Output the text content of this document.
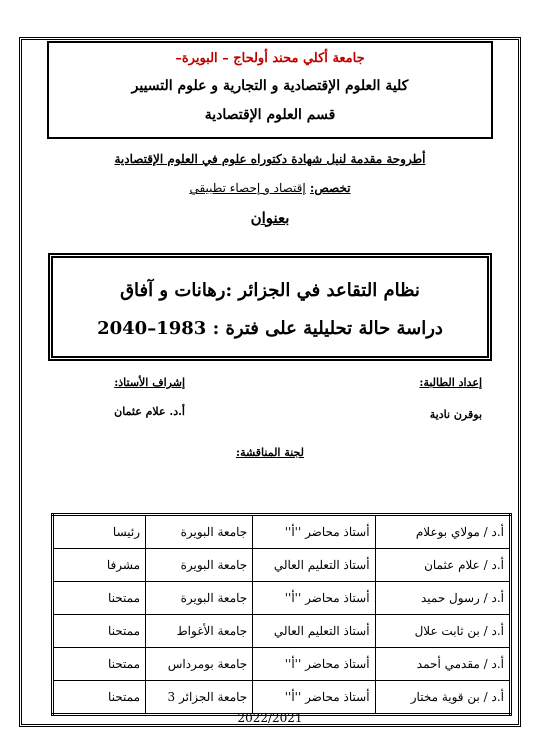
جامعة أكلي محند أولحاج – البويرة–
كلية العلوم الإقتصادية و التجارية و علوم التسيير
قسم العلوم الإقتصادية
أطروحة مقدمة لنيل شهادة دكتوراه علوم في العلوم الإقتصادية
تخصص: إقتصاد و إحصاء تطبيقي
بعنوان
نظام التقاعد في الجزائر :رهانات و آفاق
دراسة حالة تحليلية على فترة : 1983–2040
إعداد الطالبة:
بوقرن نادية
إشراف الأستاذ:
أ.د. علام عثمان
لجنة المناقشة:
أ.د / مولاي بوعلام	أستاذ محاضر ''أ''	جامعة البويرة	رئيسا
أ.د / علام عثمان	أستاذ التعليم العالي	جامعة البويرة	مشرفا
أ.د / رسول حميد	أستاذ محاضر ''أ''	جامعة البويرة	ممتحنا
أ.د / بن ثابت علال	أستاذ التعليم العالي	جامعة الأغواط	ممتحنا
أ.د / مقدمي أحمد	أستاذ محاضر ''أ''	جامعة بومرداس	ممتحنا
أ.د / بن قوية مختار	أستاذ محاضر ''أ''	جامعة الجزائر 3	ممتحنا
2022/2021
